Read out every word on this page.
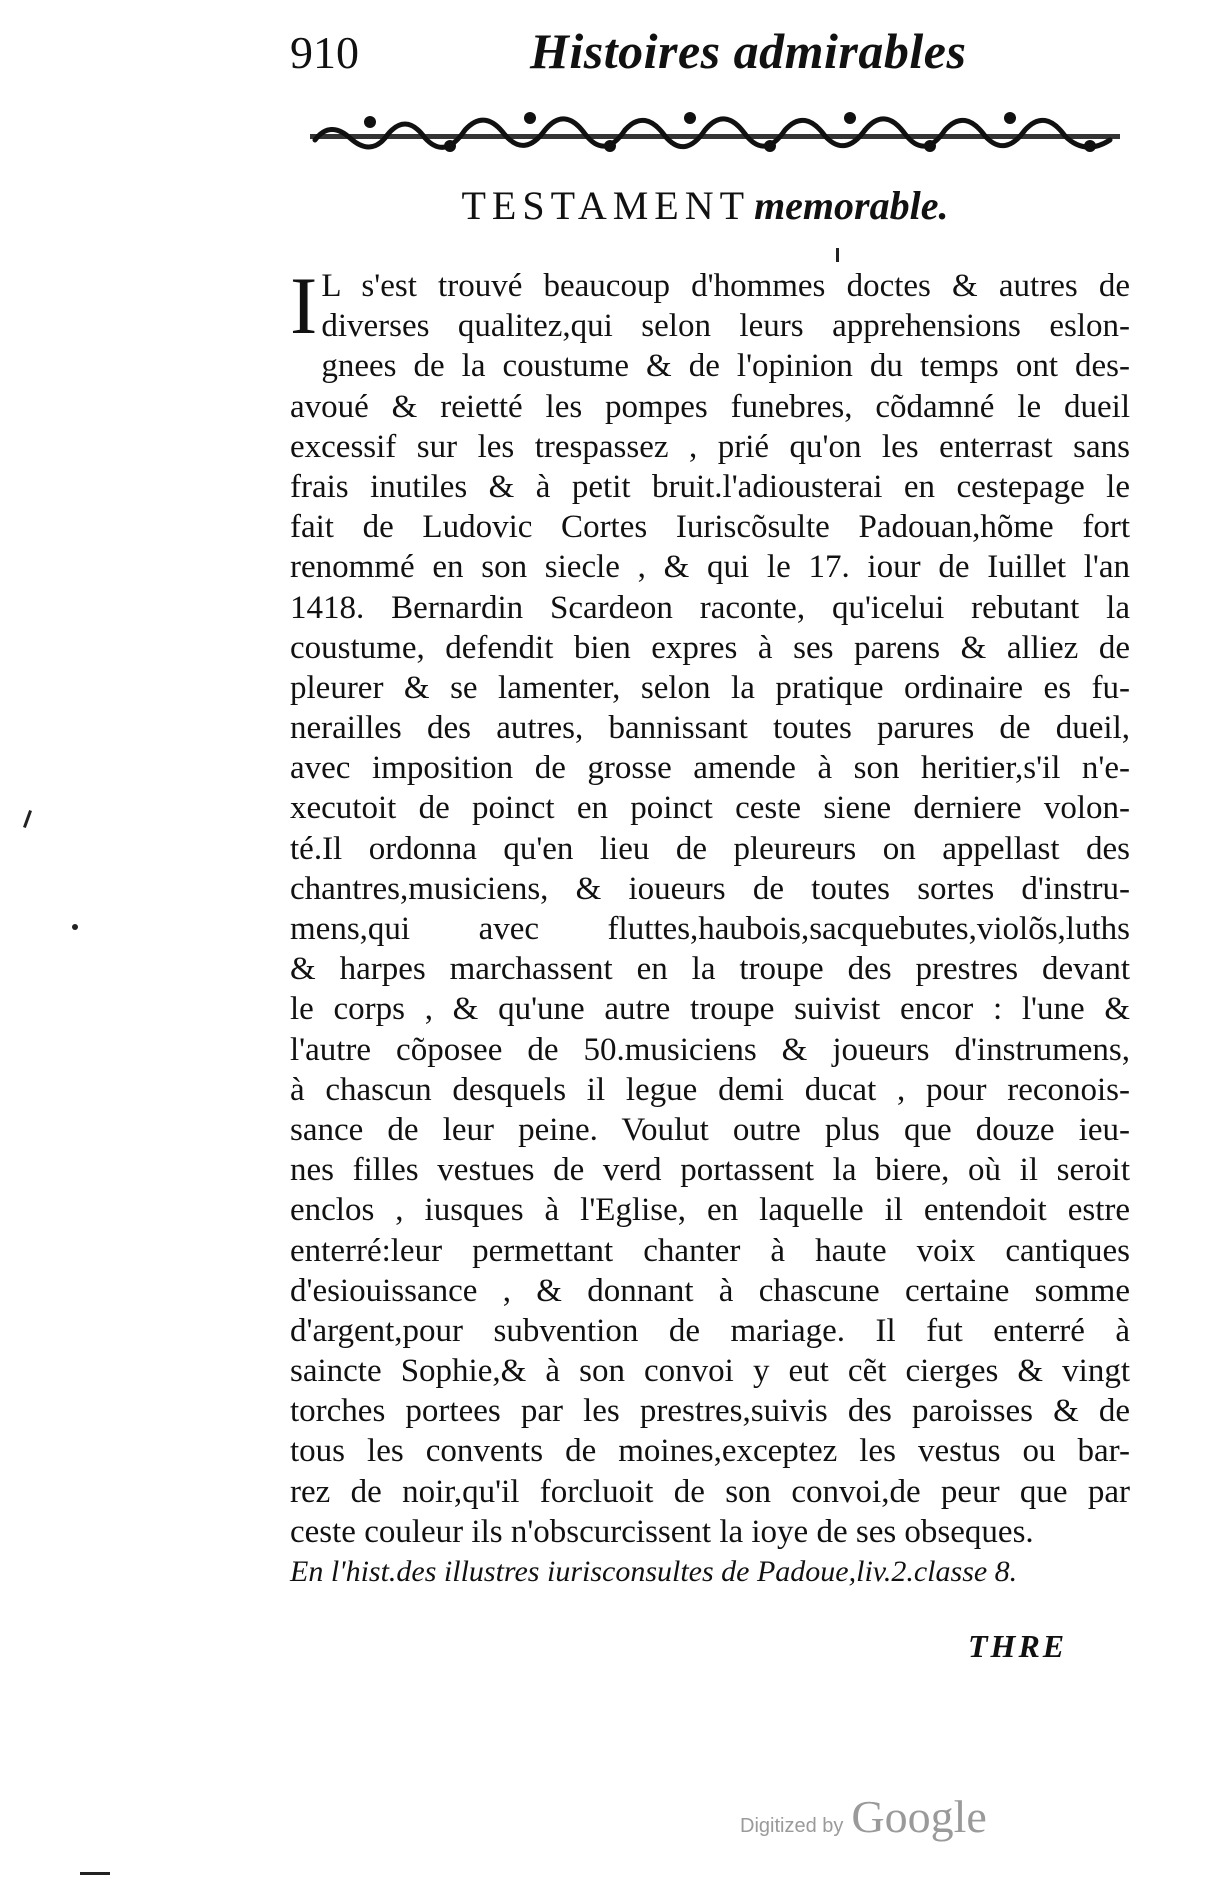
910	Histoires admirables
TESTAMENT memorable.
I L s'est trouvé beaucoup d'hommes doctes & autres de
diverses qualitez,qui selon leurs apprehensions eslon-
gnees de la coustume & de l'opinion du temps ont des-
avoué & reietté les pompes funebres, cõdamné le dueil
excessif sur les trespassez , prié qu'on les enterrast sans
frais inutiles & à petit bruit.l'adiousterai en cestepage le
fait de Ludovic Cortes Iuriscõsulte Padouan,hõme fort
renommé en son siecle , & qui le 17. iour de Iuillet l'an
1418. Bernardin Scardeon raconte, qu'icelui rebutant la
coustume, defendit bien expres à ses parens & alliez de
pleurer & se lamenter, selon la pratique ordinaire es fu-
nerailles des autres, bannissant toutes parures de dueil,
avec imposition de grosse amende à son heritier,s'il n'e-
xecutoit de poinct en poinct ceste siene derniere volon-
té.Il ordonna qu'en lieu de pleureurs on appellast des
chantres,musiciens, & ioueurs de toutes sortes d'instru-
mens,qui avec fluttes,haubois,sacquebutes,violõs,luths
& harpes marchassent en la troupe des prestres devant
le corps , & qu'une autre troupe suivist encor : l'une &
l'autre cõposee de 50.musiciens & joueurs d'instrumens,
à chascun desquels il legue demi ducat , pour reconois-
sance de leur peine. Voulut outre plus que douze ieu-
nes filles vestues de verd portassent la biere, où il seroit
enclos , iusques à l'Eglise, en laquelle il entendoit estre
enterré:leur permettant chanter à haute voix cantiques
d'esiouissance , & donnant à chascune certaine somme
d'argent,pour subvention de mariage. Il fut enterré à
saincte Sophie,& à son convoi y eut cẽt cierges & vingt
torches portees par les prestres,suivis des paroisses & de
tous les convents de moines,exceptez les vestus ou bar-
rez de noir,qu'il forcluoit de son convoi,de peur que par
ceste couleur ils n'obscurcissent la ioye de ses obseques.
En l'hist.des illustres iurisconsultes de Padoue,liv.2.classe 8.
THRE
Digitized by Google
